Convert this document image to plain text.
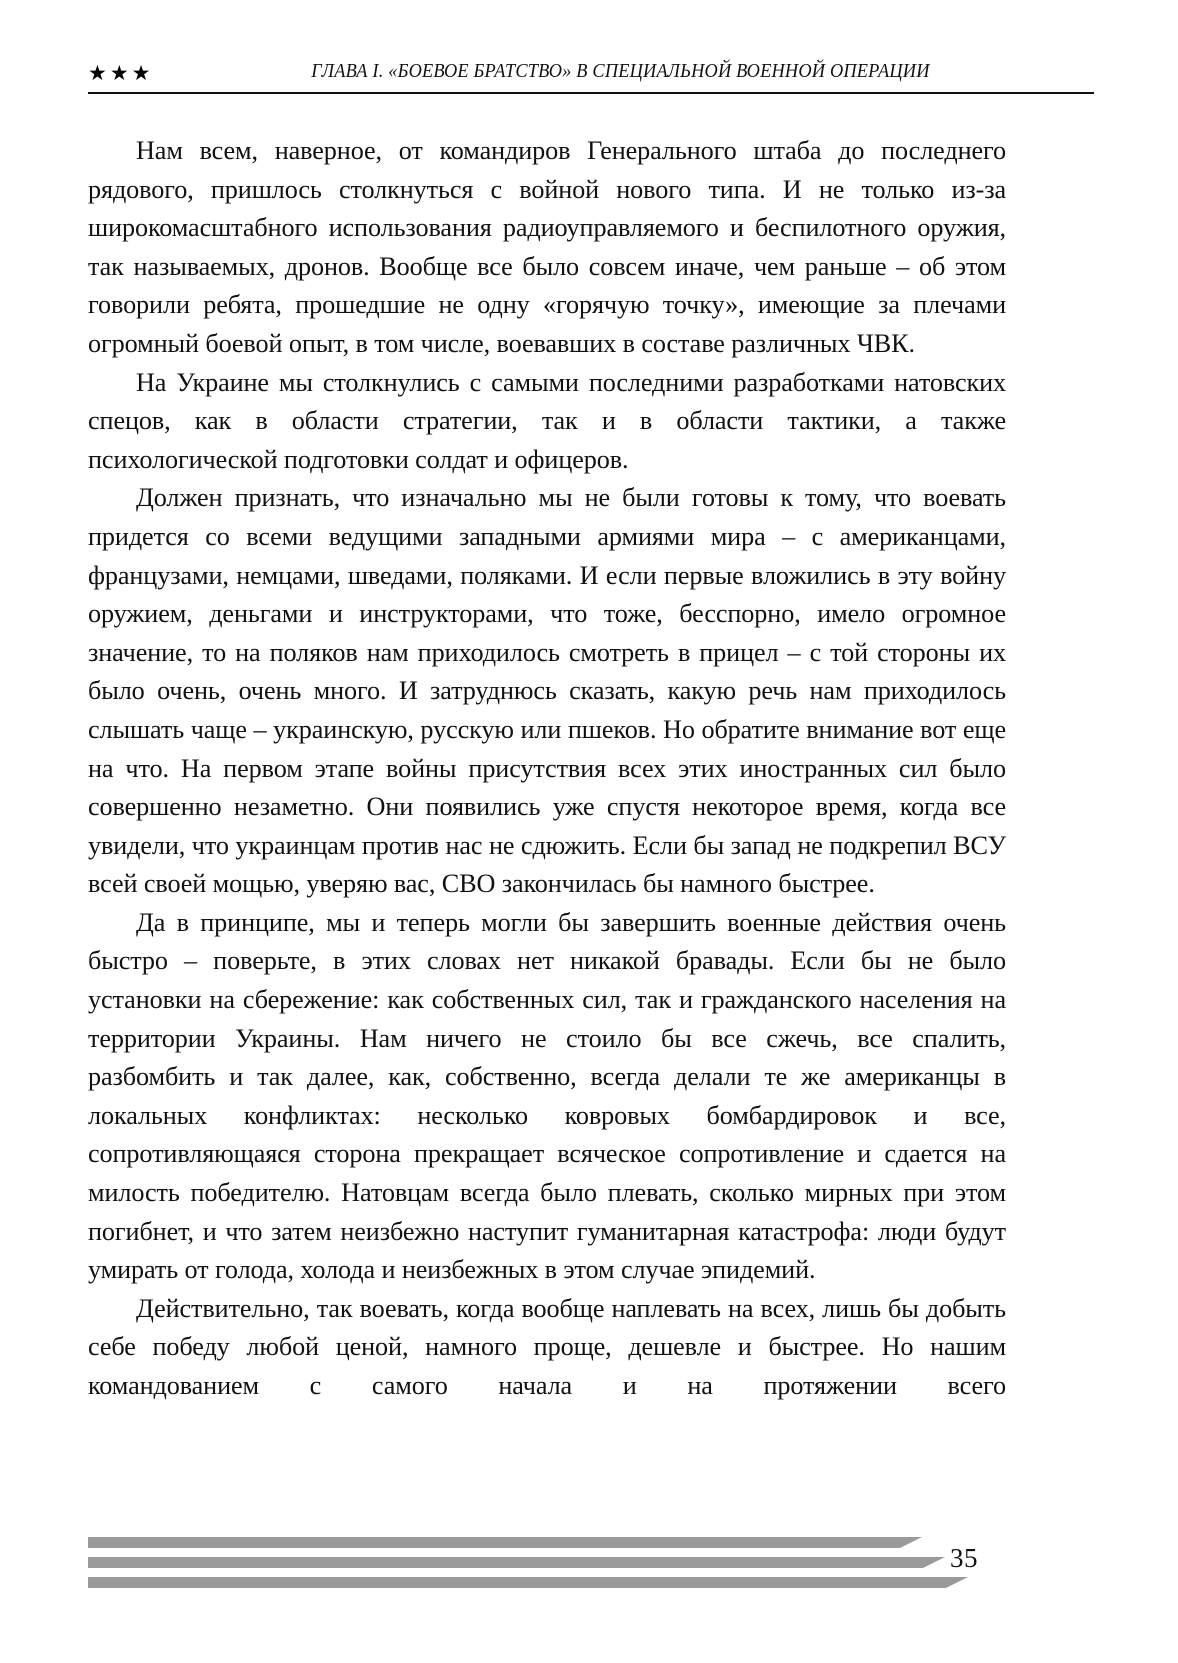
★★★	ГЛАВА I. «БОЕВОЕ БРАТСТВО» В СПЕЦИАЛЬНОЙ ВОЕННОЙ ОПЕРАЦИИ

Нам всем, наверное, от командиров Генерального штаба до последнего рядового, пришлось столкнуться с войной нового типа. И не только из-за широкомасштабного использования радиоуправляемого и беспилотного оружия, так называемых, дронов. Вообще все было совсем иначе, чем раньше – об этом говорили ребята, прошедшие не одну «горячую точку», имеющие за плечами огромный боевой опыт, в том числе, воевавших в составе различных ЧВК.

На Украине мы столкнулись с самыми последними разработками натовских спецов, как в области стратегии, так и в области тактики, а также психологической подготовки солдат и офицеров.

Должен признать, что изначально мы не были готовы к тому, что воевать придется со всеми ведущими западными армиями мира – с американцами, французами, немцами, шведами, поляками. И если первые вложились в эту войну оружием, деньгами и инструкторами, что тоже, бесспорно, имело огромное значение, то на поляков нам приходилось смотреть в прицел – с той стороны их было очень, очень много. И затруднюсь сказать, какую речь нам приходилось слышать чаще – украинскую, русскую или пшеков. Но обратите внимание вот еще на что. На первом этапе войны присутствия всех этих иностранных сил было совершенно незаметно. Они появились уже спустя некоторое время, когда все увидели, что украинцам против нас не сдюжить. Если бы запад не подкрепил ВСУ всей своей мощью, уверяю вас, СВО закончилась бы намного быстрее.

Да в принципе, мы и теперь могли бы завершить военные действия очень быстро – поверьте, в этих словах нет никакой бравады. Если бы не было установки на сбережение: как собственных сил, так и гражданского населения на территории Украины. Нам ничего не стоило бы все сжечь, все спалить, разбомбить и так далее, как, собственно, всегда делали те же американцы в локальных конфликтах: несколько ковровых бомбардировок и все, сопротивляющаяся сторона прекращает всяческое сопротивление и сдается на милость победителю. Натовцам всегда было плевать, сколько мирных при этом погибнет, и что затем неизбежно наступит гуманитарная катастрофа: люди будут умирать от голода, холода и неизбежных в этом случае эпидемий.

Действительно, так воевать, когда вообще наплевать на всех, лишь бы добыть себе победу любой ценой, намного проще, дешевле и быстрее. Но нашим командованием с самого начала и на протяжении всего

35
